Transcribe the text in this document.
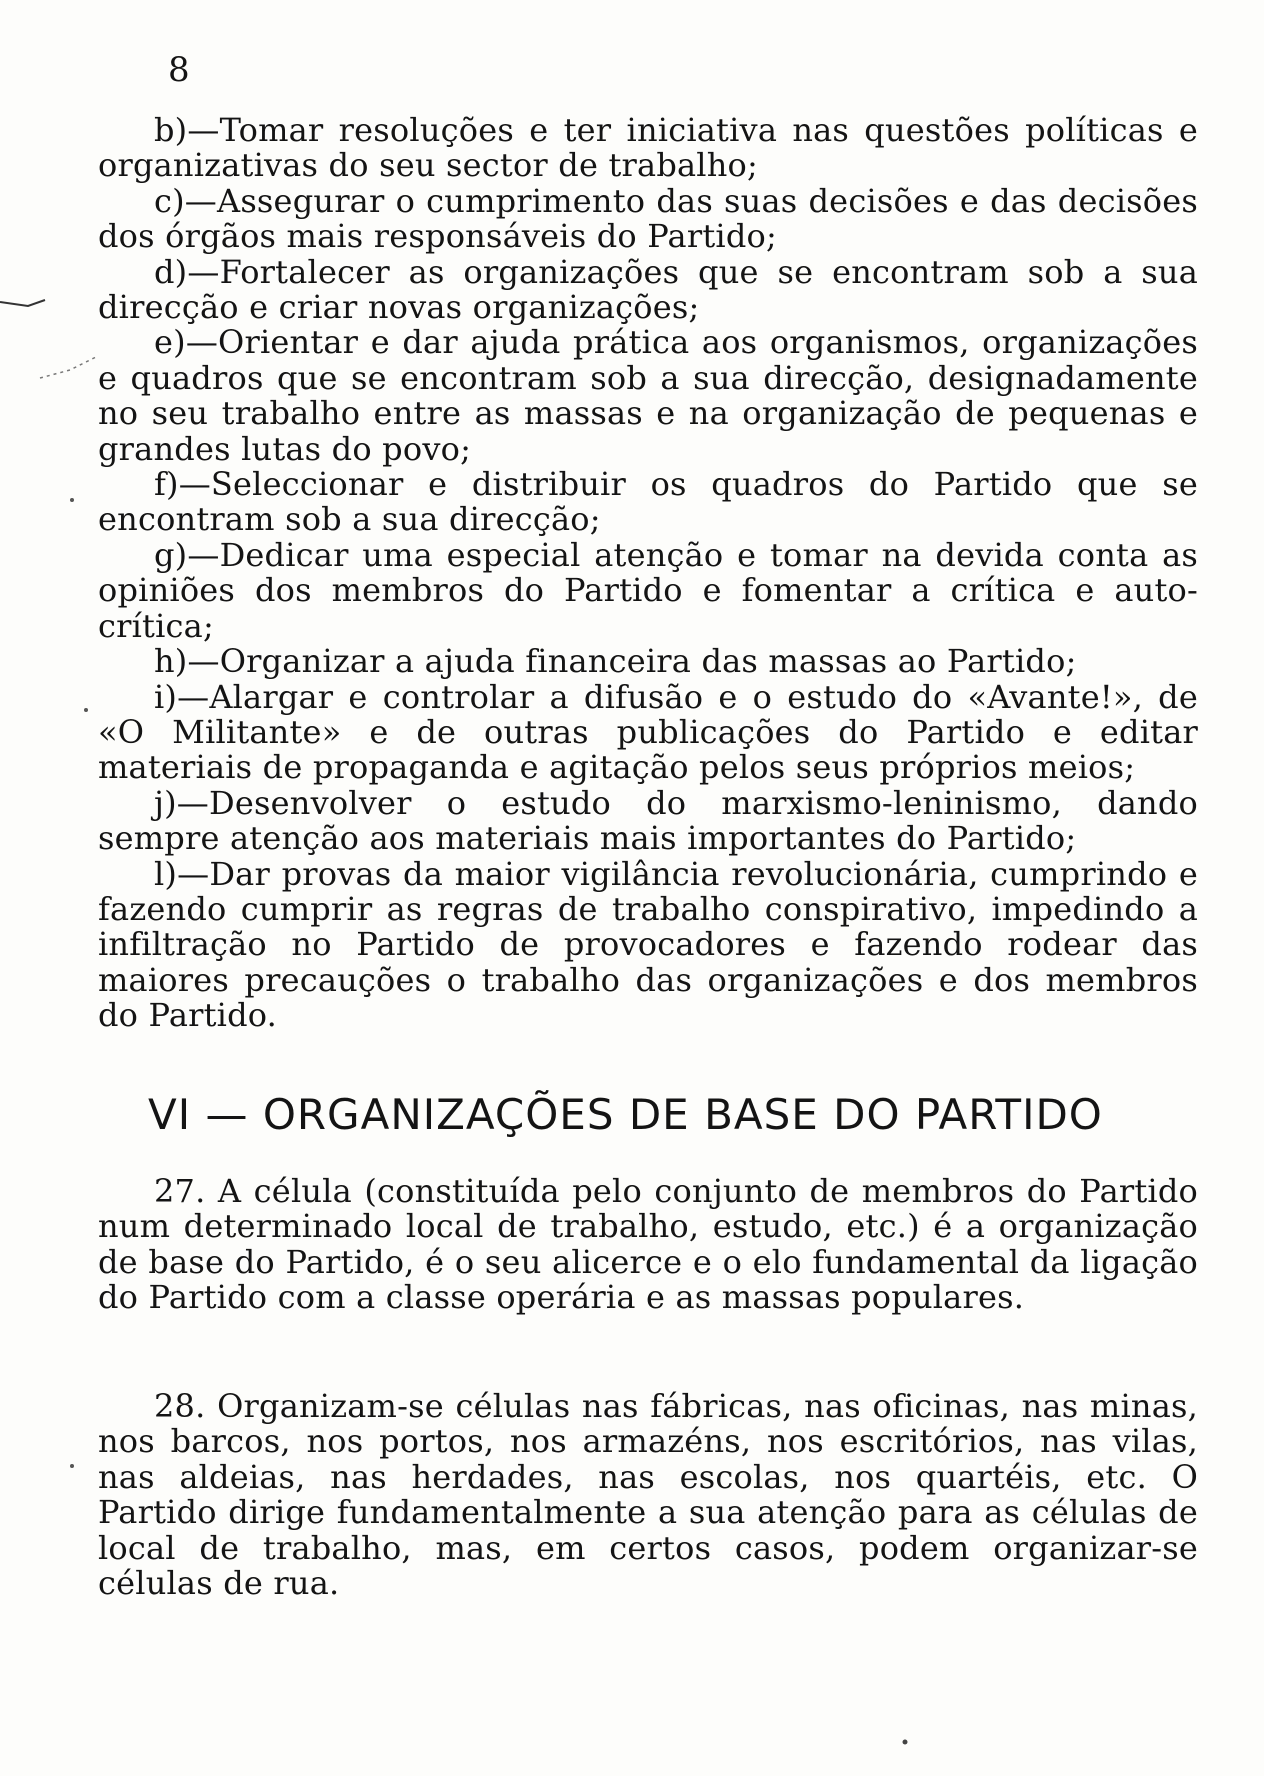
8

b)—Tomar resoluções e ter iniciativa nas questões políticas e organizativas do seu sector de trabalho;

c)—Assegurar o cumprimento das suas decisões e das decisões dos órgãos mais responsáveis do Partido;

d)—Fortalecer as organizações que se encontram sob a sua direcção e criar novas organizações;

e)—Orientar e dar ajuda prática aos organismos, organizações e quadros que se encontram sob a sua direcção, designadamente no seu trabalho entre as massas e na organização de pequenas e grandes lutas do povo;

f)—Seleccionar e distribuir os quadros do Partido que se encontram sob a sua direcção;

g)—Dedicar uma especial atenção e tomar na devida conta as opiniões dos membros do Partido e fomentar a crítica e auto-crítica;

h)—Organizar a ajuda financeira das massas ao Partido;

i)—Alargar e controlar a difusão e o estudo do «Avante!», de «O Militante» e de outras publicações do Partido e editar materiais de propaganda e agitação pelos seus próprios meios;

j)—Desenvolver o estudo do marxismo-leninismo, dando sempre atenção aos materiais mais importantes do Partido;

l)—Dar provas da maior vigilância revolucionária, cumprindo e fazendo cumprir as regras de trabalho conspirativo, impedindo a infiltração no Partido de provocadores e fazendo rodear das maiores precauções o trabalho das organizações e dos membros do Partido.

VI — ORGANIZAÇÕES DE BASE DO PARTIDO

27. A célula (constituída pelo conjunto de membros do Partido num determinado local de trabalho, estudo, etc.) é a organização de base do Partido, é o seu alicerce e o elo fundamental da ligação do Partido com a classe operária e as massas populares.

28. Organizam-se células nas fábricas, nas oficinas, nas minas, nos barcos, nos portos, nos armazéns, nos escritórios, nas vilas, nas aldeias, nas herdades, nas escolas, nos quartéis, etc. O Partido dirige fundamentalmente a sua atenção para as células de local de trabalho, mas, em certos casos, podem organizar-se células de rua.
